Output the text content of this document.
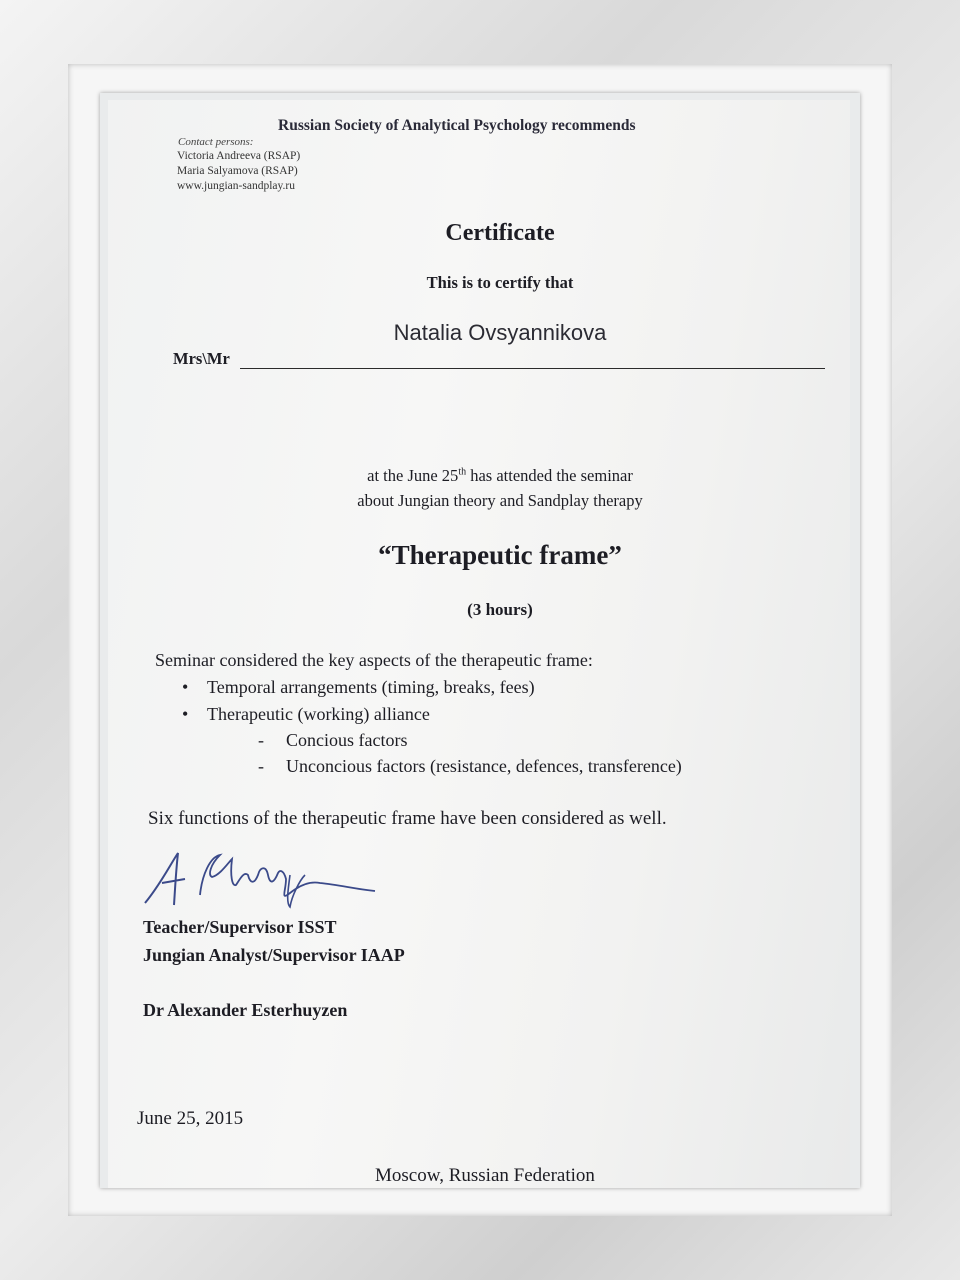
Russian Society of Analytical Psychology recommends
Contact persons:
Victoria Andreeva (RSAP)
Maria Salyamova (RSAP)
www.jungian-sandplay.ru
Certificate
This is to certify that
Natalia Ovsyannikova
Mrs\Mr
at the June 25th has attended the seminar
about Jungian theory and Sandplay therapy
“Therapeutic frame”
(3 hours)
Seminar considered the key aspects of the therapeutic frame:
• Temporal arrangements (timing, breaks, fees)
• Therapeutic (working) alliance
- Concious factors
- Unconcious factors (resistance, defences, transference)
Six functions of the therapeutic frame have been considered as well.
Teacher/Supervisor ISST
Jungian Analyst/Supervisor IAAP
Dr Alexander Esterhuyzen
June 25, 2015
Moscow, Russian Federation
